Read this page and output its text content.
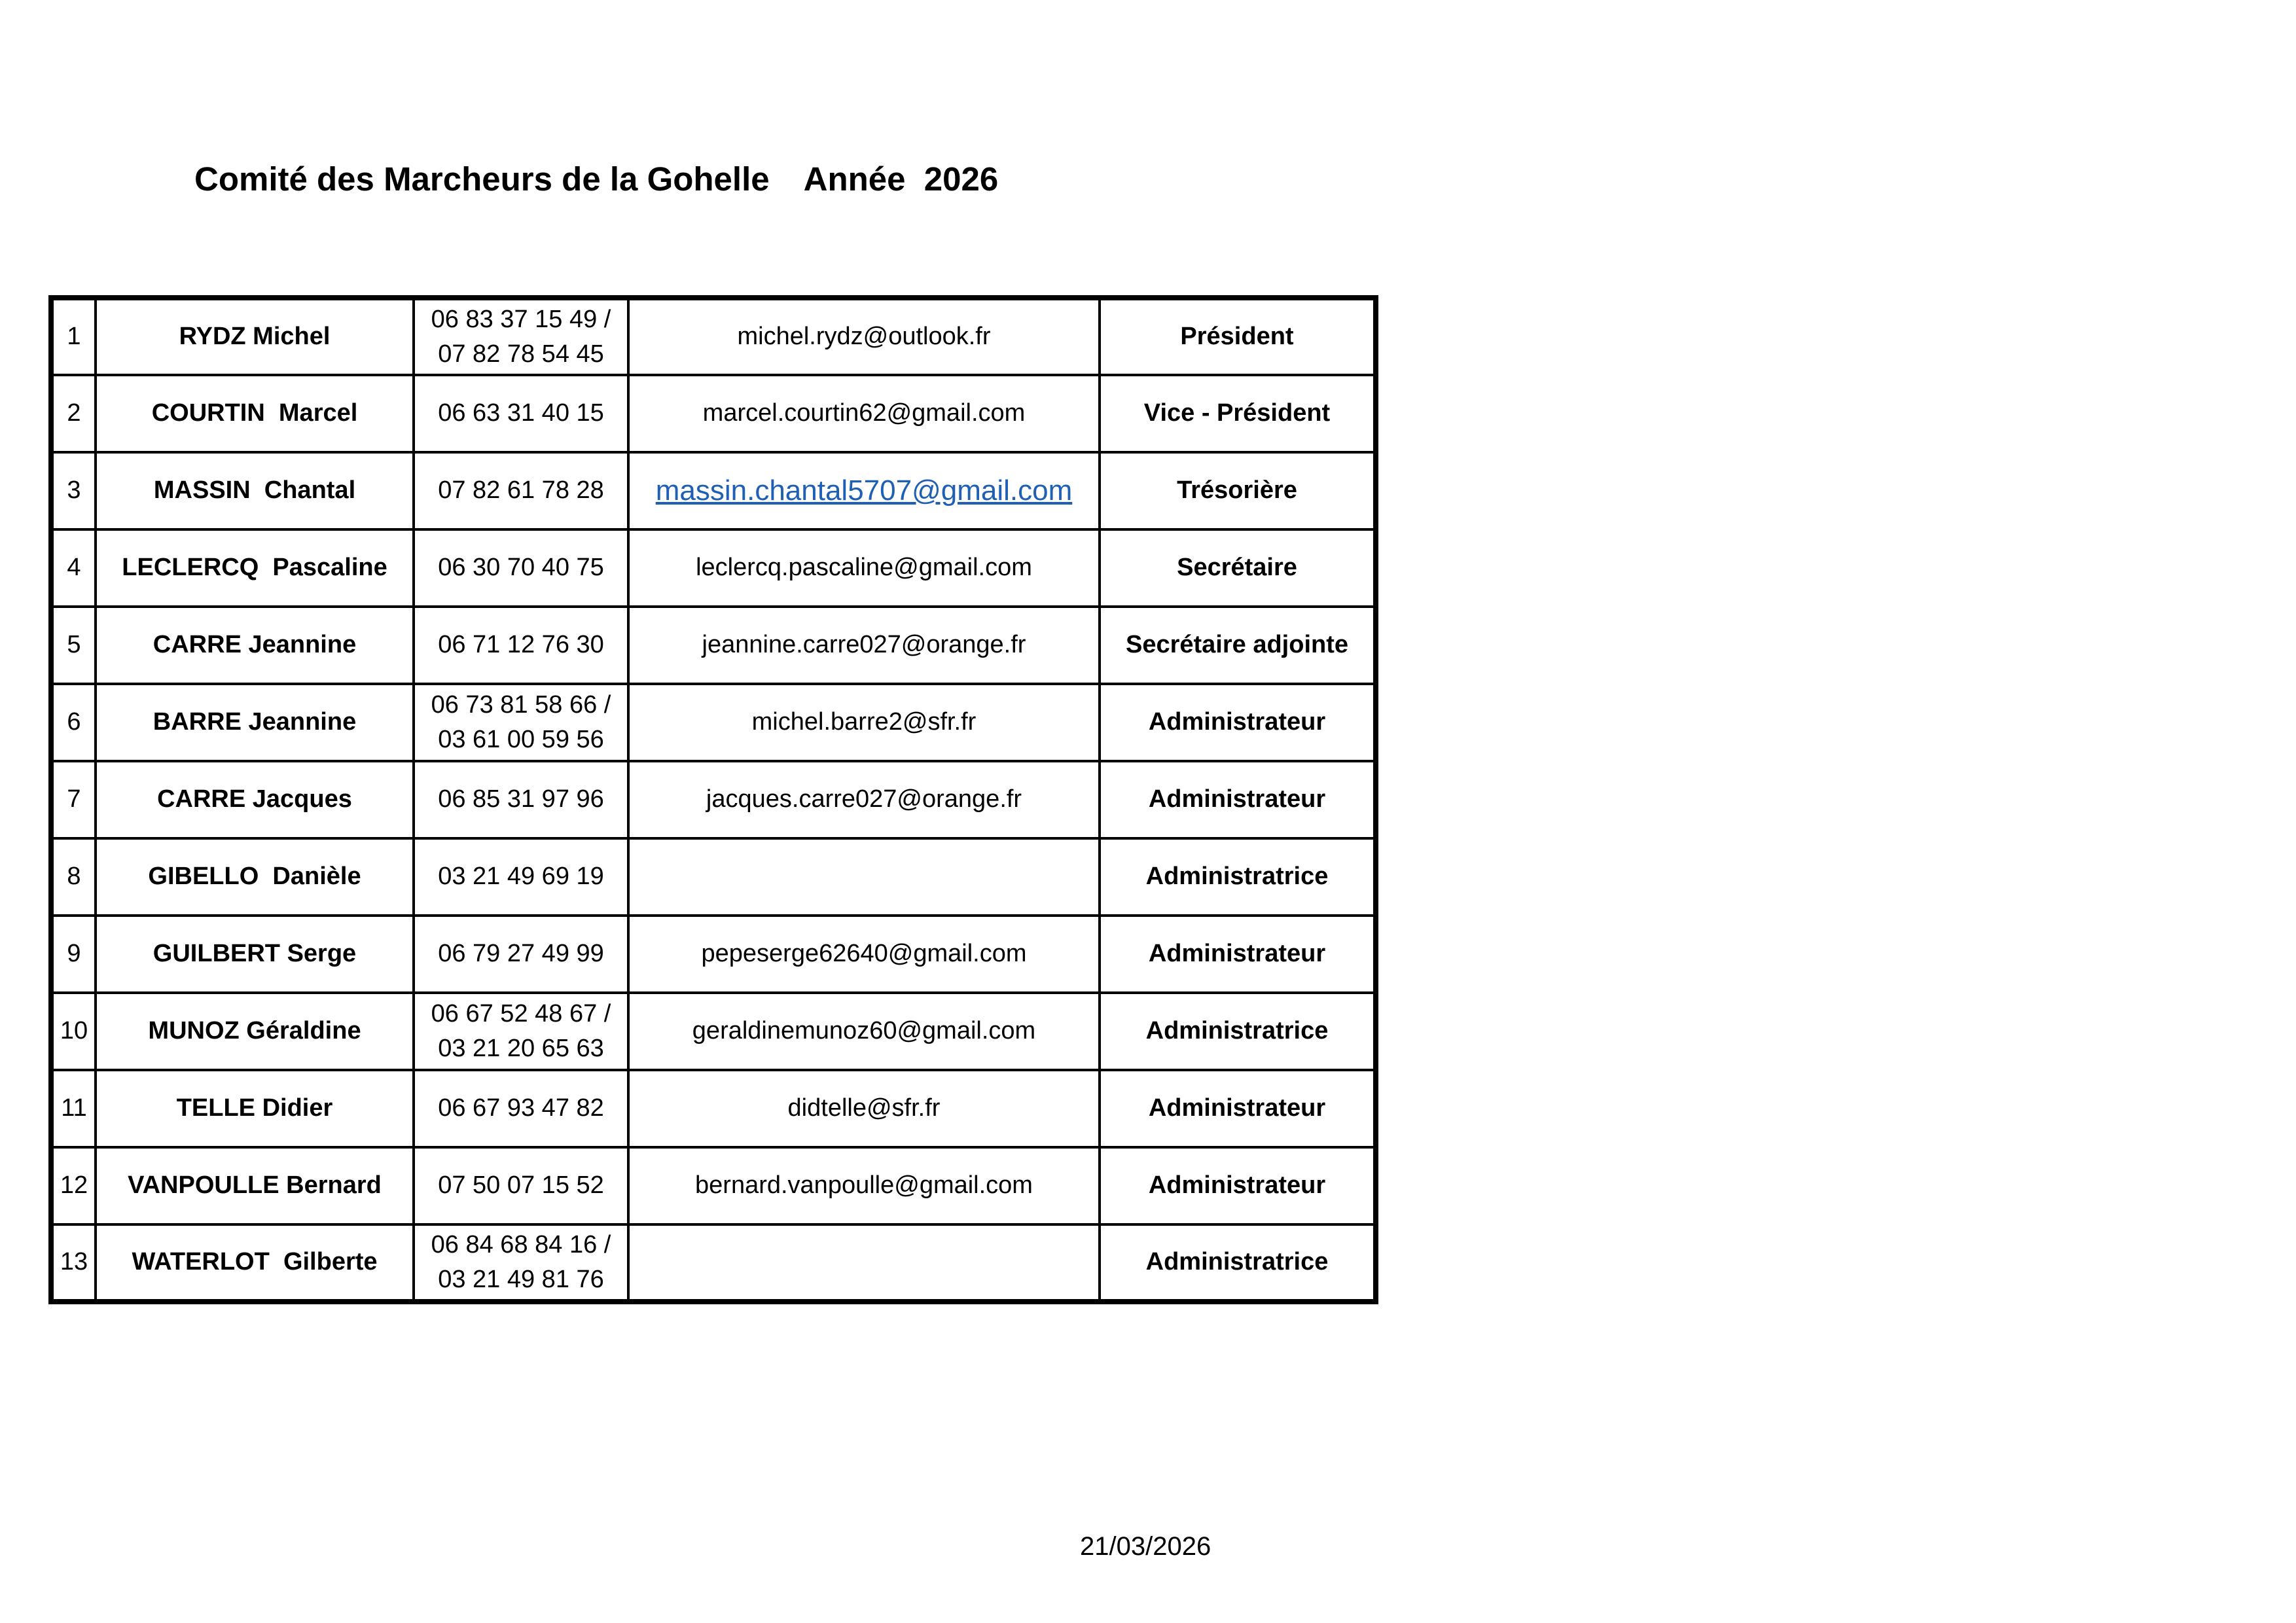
Comité des Marcheurs de la Gohelle Année  2026
1	RYDZ Michel	06 83 37 15 49 /
07 82 78 54 45	michel.rydz@outlook.fr	Président
2	COURTIN  Marcel	06 63 31 40 15	marcel.courtin62@gmail.com	Vice - Président
3	MASSIN  Chantal	07 82 61 78 28	massin.chantal5707@gmail.com	Trésorière
4	LECLERCQ  Pascaline	06 30 70 40 75	leclercq.pascaline@gmail.com	Secrétaire
5	CARRE Jeannine	06 71 12 76 30	jeannine.carre027@orange.fr	Secrétaire adjointe
6	BARRE Jeannine	06 73 81 58 66 /
03 61 00 59 56	michel.barre2@sfr.fr	Administrateur
7	CARRE Jacques	06 85 31 97 96	jacques.carre027@orange.fr	Administrateur
8	GIBELLO  Danièle	03 21 49 69 19		Administratrice
9	GUILBERT Serge	06 79 27 49 99	pepeserge62640@gmail.com	Administrateur
10	MUNOZ Géraldine	06 67 52 48 67 /
03 21 20 65 63	geraldinemunoz60@gmail.com	Administratrice
11	TELLE Didier	06 67 93 47 82	didtelle@sfr.fr	Administrateur
12	VANPOULLE Bernard	07 50 07 15 52	bernard.vanpoulle@gmail.com	Administrateur
13	WATERLOT  Gilberte	06 84 68 84 16 /
03 21 49 81 76		Administratrice
21/03/2026
